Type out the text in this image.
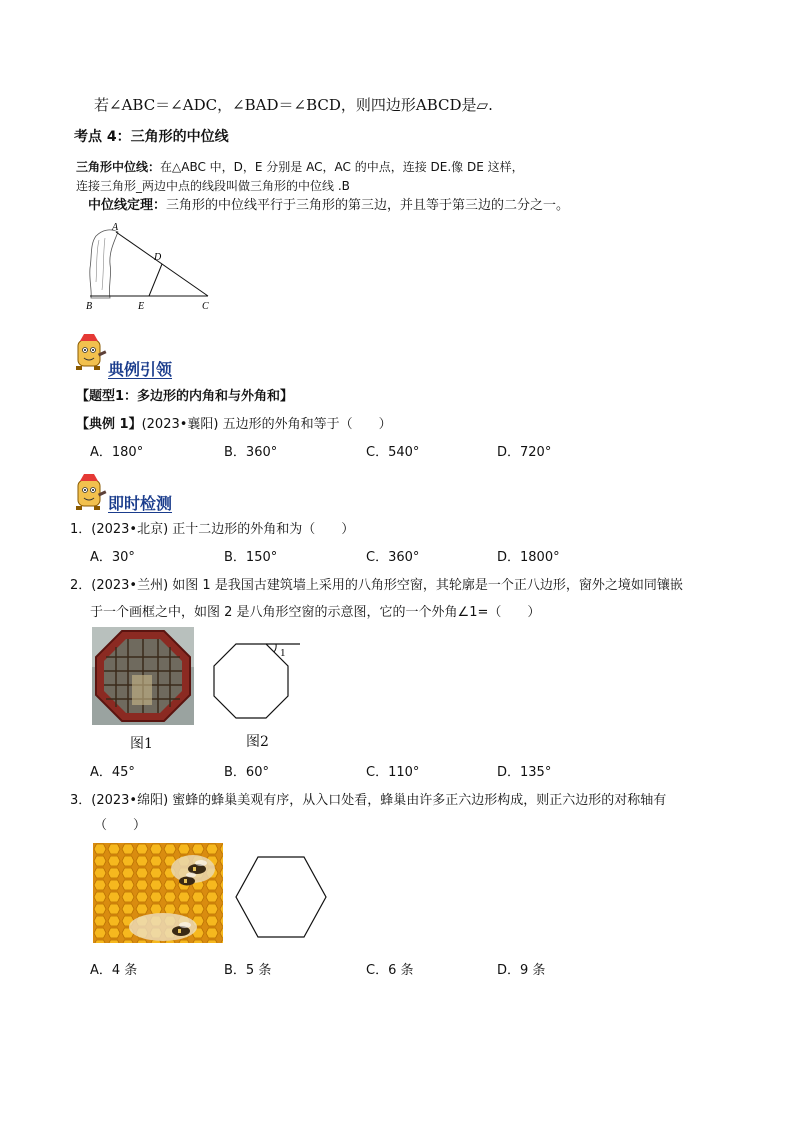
若∠ABC＝∠ADC，∠BAD＝∠BCD，则四边形ABCD是▱.
考点 4：三角形的中位线
三角形中位线：在△ABC 中，D，E 分别是 AC，AC 的中点，连接 DE.像 DE 这样，
连接三角形_两边中点的线段叫做三角形的中位线 .B
中位线定理：三角形的中位线平行于三角形的第三边，并且等于第三边的二分之一。
A
D
B	E	C
典例引领
【题型1：多边形的内角和与外角和】
【典例 1】(2023•襄阳) 五边形的外角和等于（　　）
A．180°	B．360°	C．540°	D．720°
即时检测
1．(2023•北京) 正十二边形的外角和为（　　）
A．30°	B．150°	C．360°	D．1800°
2．(2023•兰州) 如图 1 是我国古建筑墙上采用的八角形空窗，其轮廓是一个正八边形，窗外之境如同镶嵌
于一个画框之中，如图 2 是八角形空窗的示意图，它的一个外角∠1=（　　）
1
图1	图2
A．45°	B．60°	C．110°	D．135°
3．(2023•绵阳) 蜜蜂的蜂巢美观有序，从入口处看，蜂巢由许多正六边形构成，则正六边形的对称轴有
（　　）
A．4 条	B．5 条	C．6 条	D．9 条
